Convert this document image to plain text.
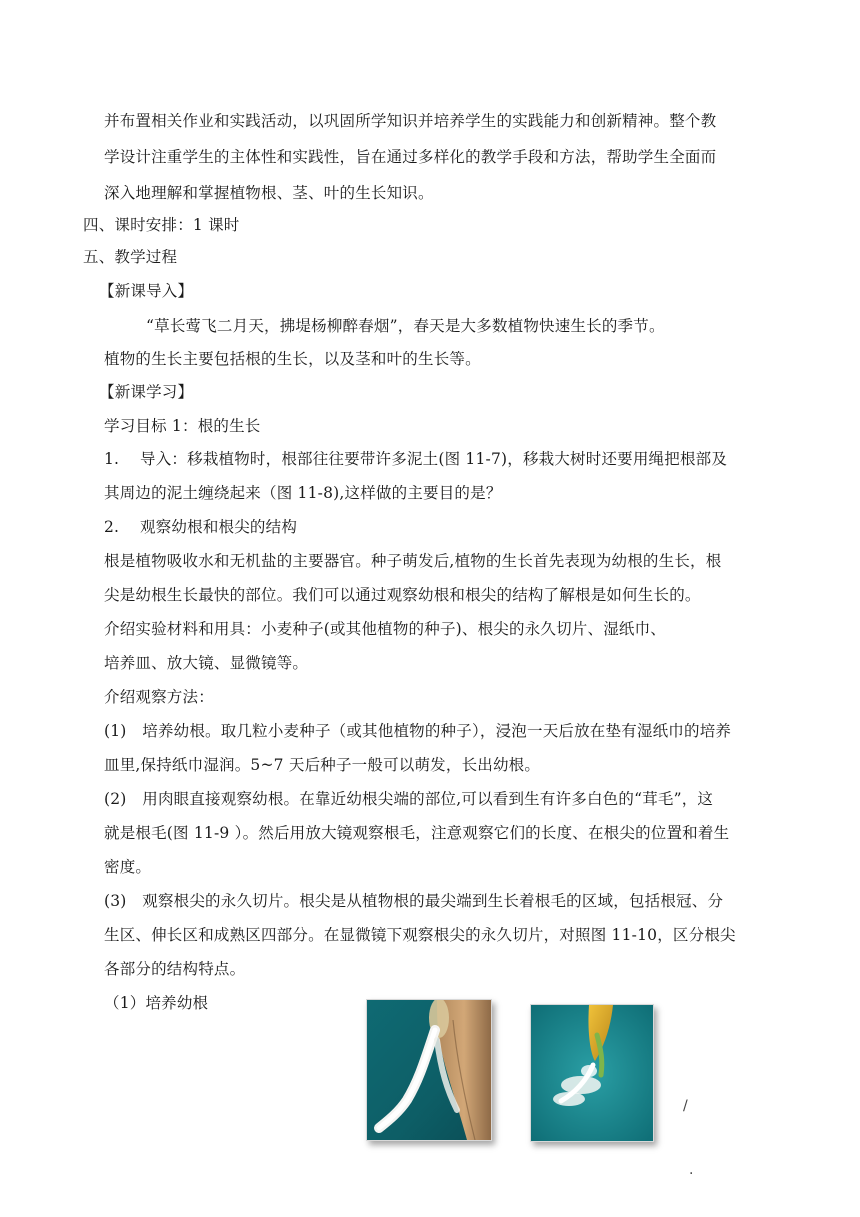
并布置相关作业和实践活动，以巩固所学知识并培养学生的实践能力和创新精神。整个教
学设计注重学生的主体性和实践性，旨在通过多样化的教学手段和方法，帮助学生全面而
深入地理解和掌握植物根、茎、叶的生长知识。
四、课时安排：1 课时
五、教学过程
【新课导入】
“草长莺飞二月天，拂堤杨柳醉春烟”，春天是大多数植物快速生长的季节。
植物的生长主要包括根的生长，以及茎和叶的生长等。
【新课学习】
学习目标 1：根的生长
1.　 导入：移栽植物时，根部往往要带许多泥土(图 11-7)，移栽大树时还要用绳把根部及
其周边的泥土缠绕起来（图 11-8),这样做的主要目的是？
2.　 观察幼根和根尖的结构
根是植物吸收水和无机盐的主要器官。种子萌发后,植物的生长首先表现为幼根的生长，根
尖是幼根生长最快的部位。我们可以通过观察幼根和根尖的结构了解根是如何生长的。
介绍实验材料和用具：小麦种子(或其他植物的种子)、根尖的永久切片、湿纸巾、
培养皿、放大镜、显微镜等。
介绍观察方法：
(1)　培养幼根。取几粒小麦种子（或其他植物的种子），浸泡一天后放在垫有湿纸巾的培养
皿里,保持纸巾湿润。5~7 天后种子一般可以萌发，长出幼根。
(2)　用肉眼直接观察幼根。在靠近幼根尖端的部位,可以看到生有许多白色的“茸毛”，这
就是根毛(图 11-9 ）。然后用放大镜观察根毛，注意观察它们的长度、在根尖的位置和着生
密度。
(3)　观察根尖的永久切片。根尖是从植物根的最尖端到生长着根毛的区域，包括根冠、分
生区、伸长区和成熟区四部分。在显微镜下观察根尖的永久切片，对照图 11-10，区分根尖
各部分的结构特点。
（1）培养幼根
/
.
